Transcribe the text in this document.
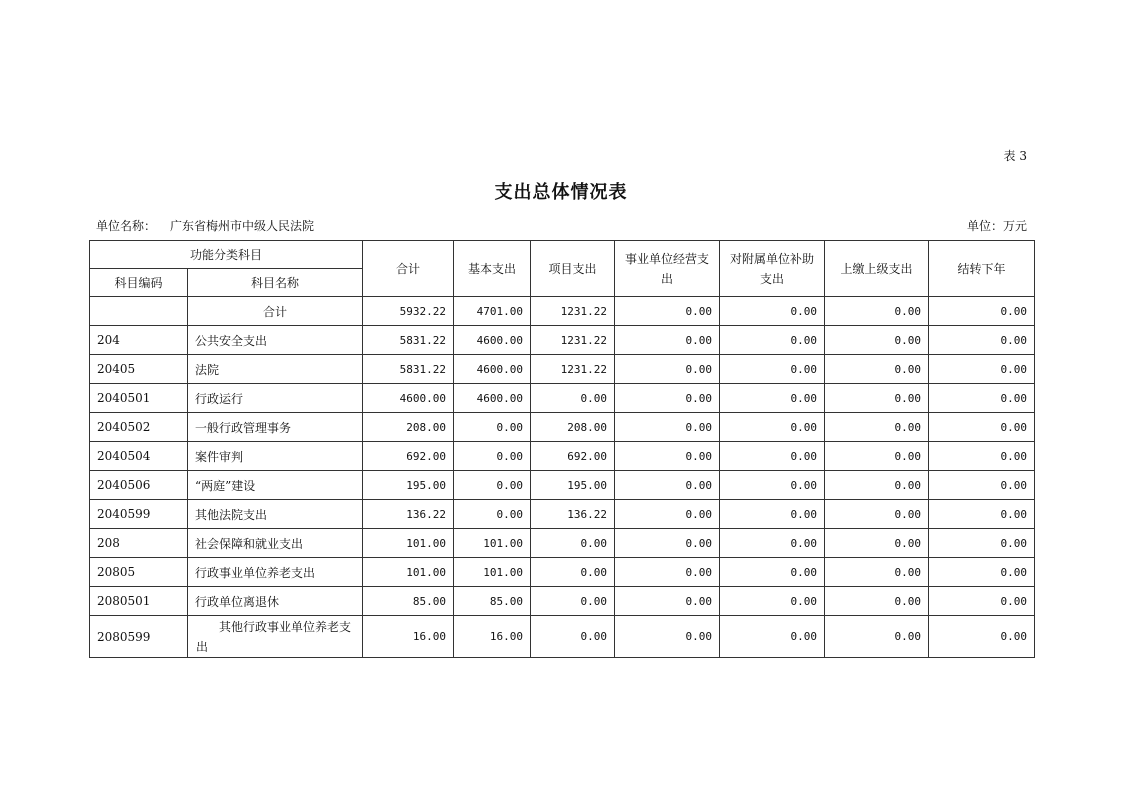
表 3
支出总体情况表
单位名称： 广东省梅州市中级人民法院	单位：万元
功能分类科目		合计	基本支出	项目支出	事业单位经营支出	对附属单位补助支出	上缴上级支出	结转下年
科目编码	科目名称							
	合计	5932.22	4701.00	1231.22	0.00	0.00	0.00	0.00
204	公共安全支出	5831.22	4600.00	1231.22	0.00	0.00	0.00	0.00
20405	法院	5831.22	4600.00	1231.22	0.00	0.00	0.00	0.00
2040501	行政运行	4600.00	4600.00	0.00	0.00	0.00	0.00	0.00
2040502	一般行政管理事务	208.00	0.00	208.00	0.00	0.00	0.00	0.00
2040504	案件审判	692.00	0.00	692.00	0.00	0.00	0.00	0.00
2040506	“两庭”建设	195.00	0.00	195.00	0.00	0.00	0.00	0.00
2040599	其他法院支出	136.22	0.00	136.22	0.00	0.00	0.00	0.00
208	社会保障和就业支出	101.00	101.00	0.00	0.00	0.00	0.00	0.00
20805	行政事业单位养老支出	101.00	101.00	0.00	0.00	0.00	0.00	0.00
2080501	行政单位离退休	85.00	85.00	0.00	0.00	0.00	0.00	0.00
2080599	其他行政事业单位养老支出	16.00	16.00	0.00	0.00	0.00	0.00	0.00
